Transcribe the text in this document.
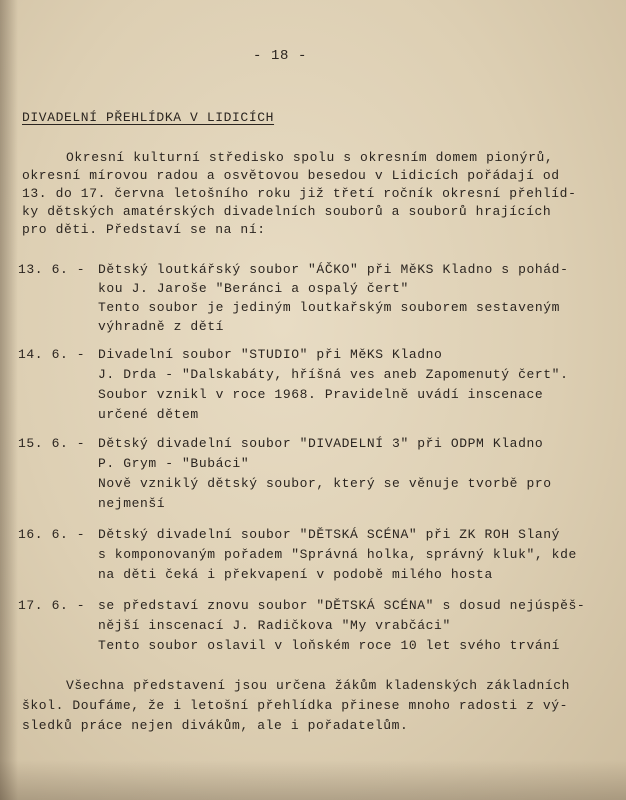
- 18 -
DIVADELNÍ PŘEHLÍDKA V LIDICÍCH
Okresní kulturní středisko spolu s okresním domem pionýrů,
okresní mírovou radou a osvětovou besedou v Lidicích pořádají od
13. do 17. června letošního roku již třetí ročník okresní přehlíd-
ky dětských amatérských divadelních souborů a souborů hrajících
pro děti. Představí se na ní:
13. 6. - Dětský loutkářský soubor "ÁČKO" při MěKS Kladno s pohád-
kou J. Jaroše "Beránci a ospalý čert"
Tento soubor je jediným loutkařským souborem sestaveným
výhradně z dětí
14. 6. - Divadelní soubor "STUDIO" při MěKS Kladno
J. Drda - "Dalskabáty, hříšná ves aneb Zapomenutý čert".
Soubor vznikl v roce 1968. Pravidelně uvádí inscenace
určené dětem
15. 6. - Dětský divadelní soubor "DIVADELNÍ 3" při ODPM Kladno
P. Grym - "Bubáci"
Nově vzniklý dětský soubor, který se věnuje tvorbě pro
nejmenší
16. 6. - Dětský divadelní soubor "DĚTSKÁ SCÉNA" při ZK ROH Slaný
s komponovaným pořadem "Správná holka, správný kluk", kde
na děti čeká i překvapení v podobě milého hosta
17. 6. - se představí znovu soubor "DĚTSKÁ SCÉNA" s dosud nejúspěš-
nější inscenací J. Radičkova "My vrabčáci"
Tento soubor oslavil v loňském roce 10 let svého trvání
Všechna představení jsou určena žákům kladenských základních
škol. Doufáme, že i letošní přehlídka přinese mnoho radosti z vý-
sledků práce nejen divákům, ale i pořadatelům.
